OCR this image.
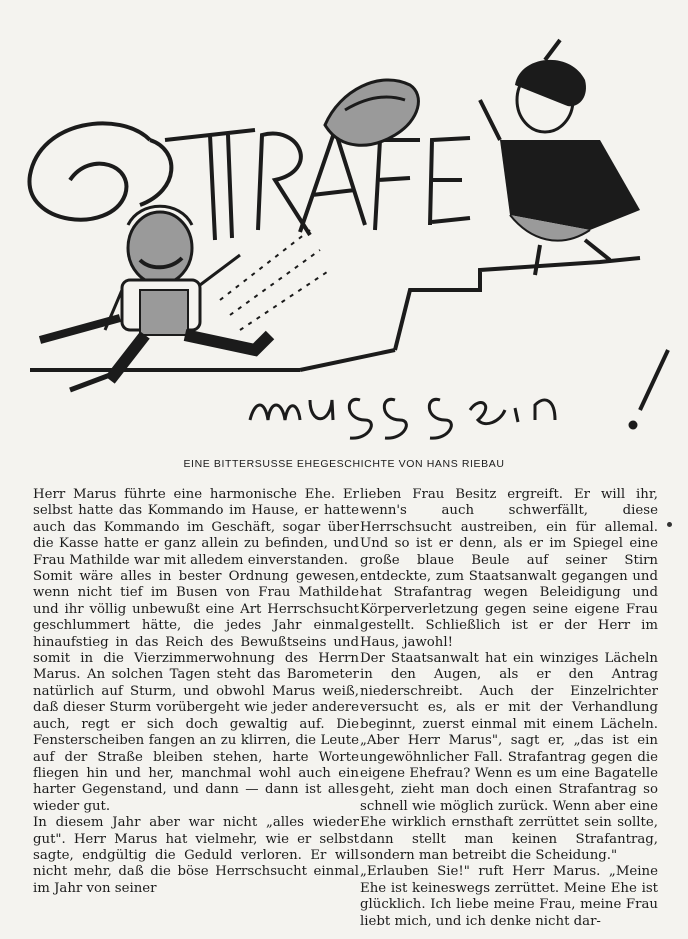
EINE BITTERSUSSE EHEGESCHICHTE VON HANS RIEBAU

Herr Marus führte eine harmonische Ehe. Er selbst hatte das Kommando im Hause, er hatte auch das Kommando im Geschäft, sogar über die Kasse hatte er ganz allein zu befinden, und Frau Mathilde war mit alledem einverstanden.

Somit wäre alles in bester Ordnung gewesen, wenn nicht tief im Busen von Frau Mathilde und ihr völlig unbewußt eine Art Herrschsucht geschlummert hätte, die jedes Jahr einmal hinaufstieg in das Reich des Bewußtseins und somit in die Vierzimmerwohnung des Herrn Marus. An solchen Tagen steht das Barometer natürlich auf Sturm, und obwohl Marus weiß, daß dieser Sturm vorübergeht wie jeder andere auch, regt er sich doch gewaltig auf. Die Fensterscheiben fangen an zu klirren, die Leute auf der Straße bleiben stehen, harte Worte fliegen hin und her, manchmal wohl auch ein harter Gegenstand, und dann — dann ist alles wieder gut.

In diesem Jahr aber war nicht „alles wieder gut". Herr Marus hat vielmehr, wie er selbst sagte, endgültig die Geduld verloren. Er will nicht mehr, daß die böse Herrschsucht einmal im Jahr von seiner

lieben Frau Besitz ergreift. Er will ihr, wenn's auch schwerfällt, diese Herrschsucht austreiben, ein für allemal. Und so ist er denn, als er im Spiegel eine große blaue Beule auf seiner Stirn entdeckte, zum Staatsanwalt gegangen und hat Strafantrag wegen Beleidigung und Körperverletzung gegen seine eigene Frau gestellt. Schließlich ist er der Herr im Haus, jawohl!

Der Staatsanwalt hat ein winziges Lächeln in den Augen, als er den Antrag niederschreibt. Auch der Einzelrichter versucht es, als er mit der Verhandlung beginnt, zuerst einmal mit einem Lächeln. „Aber Herr Marus", sagt er, „das ist ein ungewöhnlicher Fall. Strafantrag gegen die eigene Ehefrau? Wenn es um eine Bagatelle geht, zieht man doch einen Strafantrag so schnell wie möglich zurück. Wenn aber eine Ehe wirklich ernsthaft zerrüttet sein sollte, dann stellt man keinen Strafantrag, sondern man betreibt die Scheidung."

„Erlauben Sie!" ruft Herr Marus. „Meine Ehe ist keineswegs zerrüttet. Meine Ehe ist glücklich. Ich liebe meine Frau, meine Frau liebt mich, und ich denke nicht dar-
